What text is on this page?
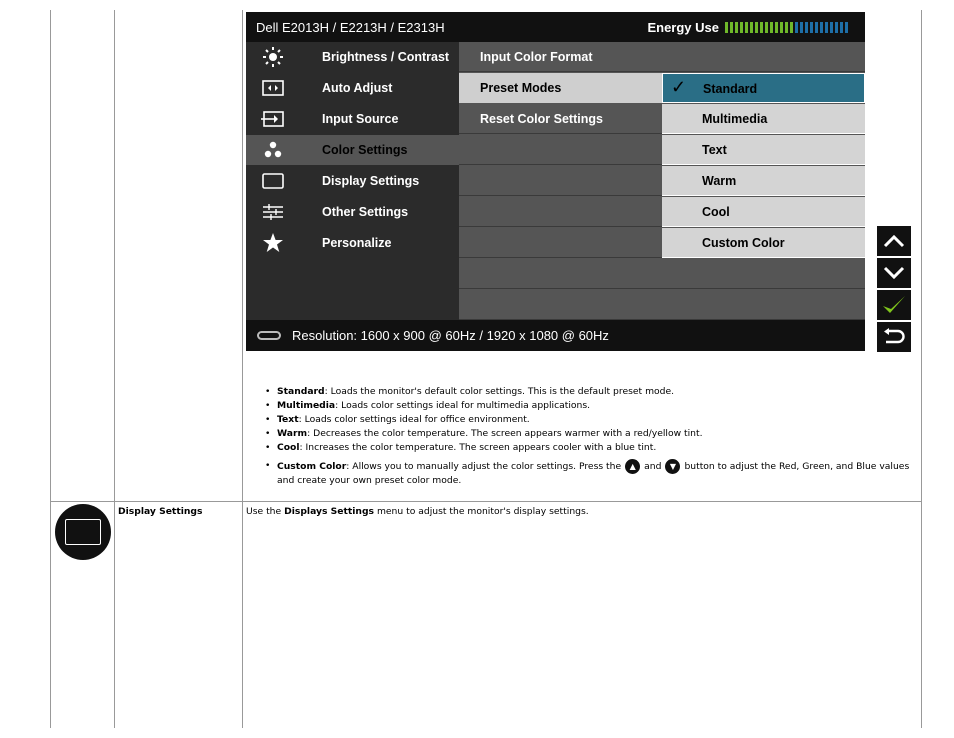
Dell E2013H / E2213H / E2313H	Energy Use
Brightness / Contrast
Auto Adjust
Input Source
Color Settings
Display Settings
Other Settings
Personalize
Input Color Format
Preset Modes
Reset Color Settings
✓ Standard
Multimedia
Text
Warm
Cool
Custom Color
Resolution: 1600 x 900 @ 60Hz / 1920 x 1080 @ 60Hz
• Standard: Loads the monitor's default color settings. This is the default preset mode.
• Multimedia: Loads color settings ideal for multimedia applications.
• Text: Loads color settings ideal for office environment.
• Warm: Decreases the color temperature. The screen appears warmer with a red/yellow tint.
• Cool: Increases the color temperature. The screen appears cooler with a blue tint.
• Custom Color: Allows you to manually adjust the color settings. Press the ▲ and ▼ button to adjust the Red, Green, and Blue values and create your own preset color mode.
Display Settings	Use the Displays Settings menu to adjust the monitor's display settings.
